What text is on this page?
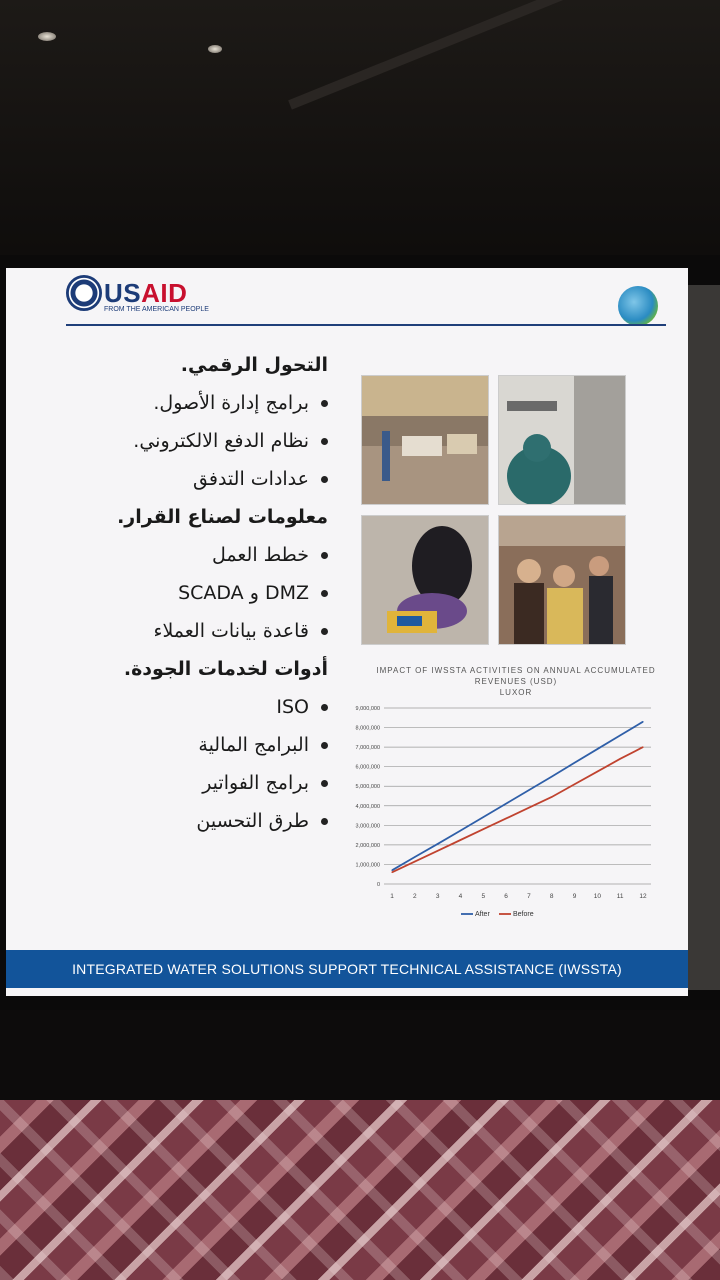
USAID
FROM THE AMERICAN PEOPLE
التحول الرقمي.
برامج إدارة الأصول.
نظام الدفع الالكتروني.
عدادات التدفق
معلومات لصناع القرار.
خطط العمل
DMZ و SCADA
قاعدة بيانات العملاء
أدوات لخدمات الجودة.
ISO
البرامج المالية
برامج الفواتير
طرق التحسين
IMPACT OF IWSSTA ACTIVITIES ON ANNUAL ACCUMULATED REVENUES (USD)
LUXOR
0
1,000,000
2,000,000
3,000,000
4,000,000
5,000,000
6,000,000
7,000,000
8,000,000
9,000,000
1	2	3	4	5	6	7	8	9	10 11 12
After	Before
INTEGRATED WATER SOLUTIONS SUPPORT TECHNICAL ASSISTANCE (IWSSTA)
